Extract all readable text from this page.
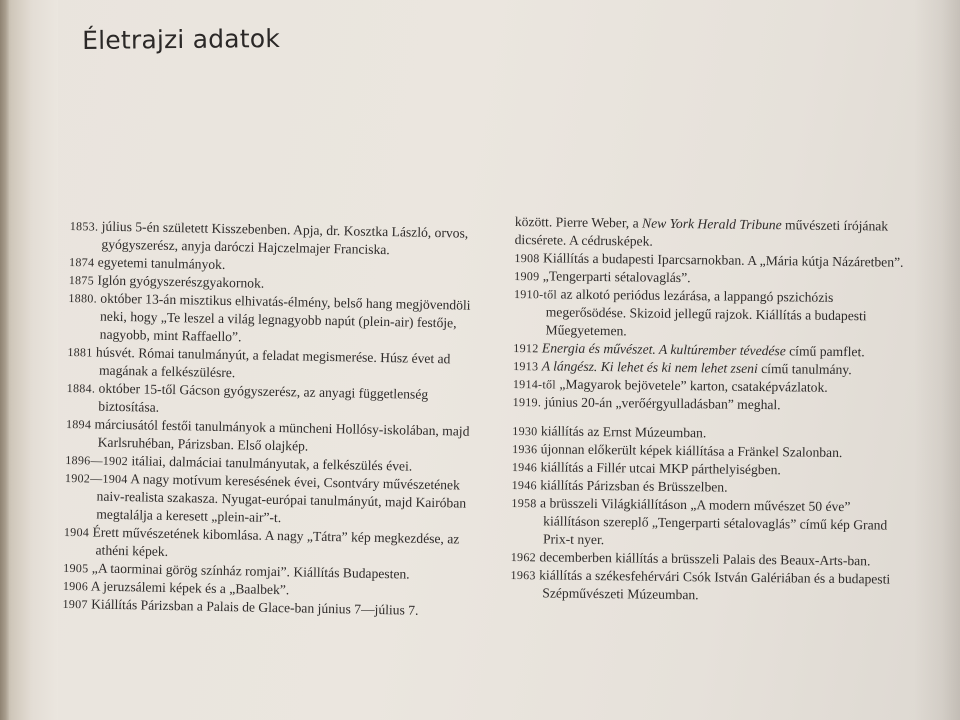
Életrajzi adatok

1853. július 5-én született Kisszebenben. Apja, dr. Kosztka László, orvos, gyógyszerész, anyja daróczi Hajczelmajer Franciska.

1874 egyetemi tanulmányok.

1875 Iglón gyógyszerészgyakornok.

1880. október 13-án misztikus elhivatás-élmény, belső hang megjövendöli neki, hogy „Te leszel a világ legnagyobb napút (plein-air) festője, nagyobb, mint Raffaello”.

1881 húsvét. Római tanulmányút, a feladat megismerése. Húsz évet ad magának a felkészülésre.

1884. október 15-től Gácson gyógyszerész, az anyagi függetlenség biztosítása.

1894 márciusától festői tanulmányok a müncheni Hollósy-iskolában, majd Karlsruhéban, Párizsban. Első olajkép.

1896—1902 itáliai, dalmáciai tanulmányutak, a felkészülés évei.

1902—1904 A nagy motívum keresésének évei, Csontváry művészetének naiv-realista szakasza. Nyugat-európai tanulmányút, majd Kairóban megtalálja a keresett „plein-air”-t.

1904 Érett művészetének kibomlása. A nagy „Tátra” kép megkezdése, az athéni képek.

1905 „A taorminai görög színház romjai”. Kiállítás Budapesten.

1906 A jeruzsálemi képek és a „Baalbek”.

1907 Kiállítás Párizsban a Palais de Glace-ban június 7—július 7.

között. Pierre Weber, a New York Herald Tribune művészeti írójának dicsérete. A cédrusképek.

1908 Kiállítás a budapesti Iparcsarnokban. A „Mária kútja Názáretben”.

1909 „Tengerparti sétalovaglás”.

1910-től az alkotó periódus lezárása, a lappangó pszichózis megerősödése. Skizoid jellegű rajzok. Kiállítás a budapesti Műegyetemen.

1912 Energia és művészet. A kultúrember tévedése című pamflet.

1913 A lángész. Ki lehet és ki nem lehet zseni című tanulmány.

1914-től „Magyarok bejövetele” karton, csataképvázlatok.

1919. június 20-án „verőérgyulladásban” meghal.

1930 kiállítás az Ernst Múzeumban.

1936 újonnan előkerült képek kiállítása a Fränkel Szalonban.

1946 kiállítás a Fillér utcai MKP párthelyiségben.

1946 kiállítás Párizsban és Brüsszelben.

1958 a brüsszeli Világkiállításon „A modern művészet 50 éve” kiállításon szereplő „Tengerparti sétalovaglás” című kép Grand Prix-t nyer.

1962 decemberben kiállítás a brüsszeli Palais des Beaux-Arts-ban.

1963 kiállítás a székesfehérvári Csók István Galériában és a budapesti Szépművészeti Múzeumban.
